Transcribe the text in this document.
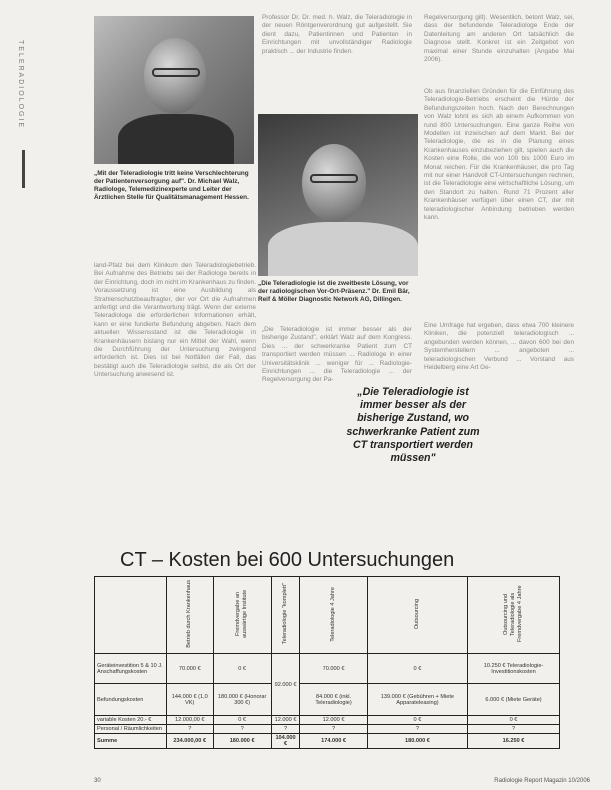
TELERADIOLOGIE
„Mit der Teleradiologie tritt keine Verschlechterung der Patientenversorgung auf". Dr. Michael Walz, Radiologe, Telemedizinexperte und Leiter der Ärztlichen Stelle für Qualitätsmanagement Hessen.
Professor Dr. Dr. med. h. Walz, die Teleradiologie in der neuen Röntgenverordnung gut aufgestellt. Sie dient dazu, Patientinnen und Patienten in Einrichtungen mit unvollständiger Radiologie praktisch ... der Industrie finden.
„Die Teleradiologie ist die zweitbeste Lösung, vor der radiologischen Vor-Ort-Präsenz." Dr. Emil Bär, Reif & Möller Diagnostic Network AG, Dillingen.
Regelversorgung gilt). Wesentlich, betont Walz, sei, dass der befundende Teleradiologe Ende der Datenleitung am anderen Ort tatsächlich die Diagnose stellt. Konkret ist ein Zeitgebot von maximal einer Stunde einzuhalten (Angabe Mai 2006).
Ob aus finanziellen Gründen für die Einführung des Teleradiologie-Betriebs erscheint die Hürde der Befundungszeiten hoch. Nach den Berechnungen von Walz lohnt es sich ab einem Aufkommen von rund 800 Untersuchungen. Eine ganze Reihe von Modellen ist inzwischen auf dem Markt. Bei der Teleradiologie, die es in die Planung eines Krankenhauses einzubeziehen gilt, spielen auch die Kosten eine Rolle, die von 100 bis 1000 Euro im Monat reichen. Für die Krankenhäuser, die pro Tag mit nur einer Handvoll CT-Untersuchungen rechnen, ist die Teleradiologie eine wirtschaftliche Lösung, um den Standort zu halten. Rund 71 Prozent aller Krankenhäuser verfügen über einen CT, der mit teleradiologischer Anbindung betrieben werden kann.
land-Pfalz bei dem Klinikum den Teleradiologiebetrieb. Bei Aufnahme des Betriebs sei der Radiologe bereits in der Einrichtung, doch im nicht im Krankenhaus zu finden. Voraussetzung ist eine Ausbildung als Strahlenschutzbeauftragter, der vor Ort die Aufnahmen anfertigt und die Verantwortung trägt. Wenn der externe Teleradiologe die erforderlichen Informationen erhält, kann er eine fundierte Befundung abgeben. Nach dem aktuellen Wissensstand ist die Teleradiologie in Krankenhäusern bislang nur ein Mittel der Wahl, wenn die Durchführung der Untersuchung zwingend erforderlich ist. Dies ist bei Notfällen der Fall, das bestätigt auch die Teleradiologie selbst, die als Ort der Untersuchung anwesend ist.
„Die Teleradiologie ist immer besser als der bisherige Zustand", erklärt Walz auf dem Kongress. Dies ... der schwerkranke Patient zum CT transportiert werden müssen ... Radiologe in einer Universitätsklinik ... weniger für ... Radiologie-Einrichtungen ... die Teleradiologie ... der Regelversorgung der Pa-
Eine Umfrage hat ergeben, dass etwa 700 kleinere Kliniken, die potenziell teleradiologisch ... angebunden werden können, ... davon 600 bei den Systemherstellern ... angeboten ... teleradiologischen Verbund ... Vorstand aus Heidelberg eine Art Ge-
„Die Teleradiologie ist immer besser als der bisherige Zustand, wo schwerkranke Patient zum CT transportiert werden müssen"
CT – Kosten bei 600 Untersuchungen
	Betrieb durch Krankenhaus	Fremdvergabe an auswärtige Institute	Teleradiologie "komplett"	Teleradiologie 4 Jahre	Outsourcing	Outsourcing und Teleradiologie als Fremdvergabe 4 Jahre
Geräteinvestition 5 & 10 J. Anschaffungskosten	70.000 €	0 €	92.000 €	70.000 €	0 €	10.250 € Teleradiologie-Investitionskosten
Befundungskosten	144.000 € (1,0 VK)	180.000 € (Honorar 300 €)		84.000 € (inkl. Teleradiologie)	139.000 € (Gebühren + Miete Apparateleasing)	6.000 € (Miete Geräte)
variable Kosten 20.- €	12.000,00 €	0 €	12.000 €	12.000 €	0 €	0 €
Personal / Räumlichkeiten	?	?	?	?	?	?
Summe	234.000,00 €	180.000 €	104.000 €	174.000 €	180.000 €	16.250 €
30	Radiologie Report Magazin 10/2006
